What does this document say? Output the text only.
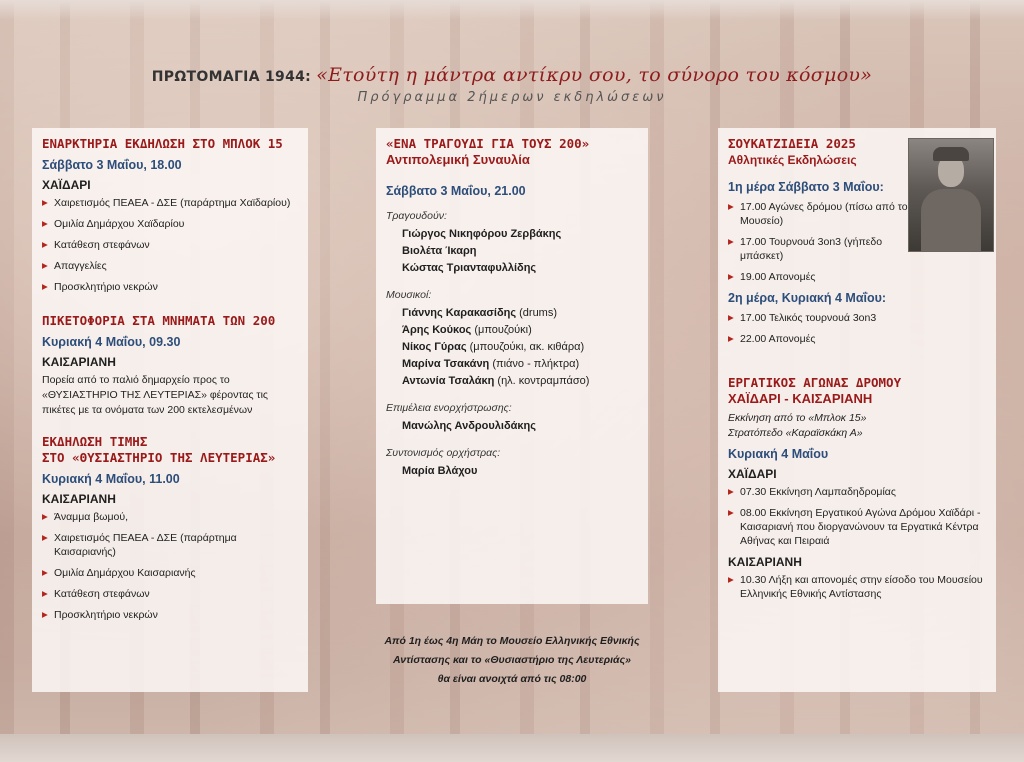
ΠΡΩΤΟΜΑΓΙΑ 1944: «Ετούτη η μάντρα αντίκρυ σου, το σύνορο του κόσμου»
Πρόγραμμα 2ήμερων εκδηλώσεων
ΕΝΑΡΚΤΗΡΙΑ ΕΚΔΗΛΩΣΗ ΣΤΟ ΜΠΛΟΚ 15
Σάββατο 3 Μαΐου, 18.00
ΧΑΪΔΑΡΙ
▶ Χαιρετισμός ΠΕΑΕΑ - ΔΣΕ (παράρτημα Χαϊδαρίου)
▶ Ομιλία Δημάρχου Χαϊδαρίου
▶ Κατάθεση στεφάνων
▶ Απαγγελίες
▶ Προσκλητήριο νεκρών
ΠΙΚΕΤΟΦΟΡΙΑ ΣΤΑ ΜΝΗΜΑΤΑ ΤΩΝ 200
Κυριακή 4 Μαΐου, 09.30
ΚΑΙΣΑΡΙΑΝΗ
Πορεία από το παλιό δημαρχείο προς το «ΘΥΣΙΑΣΤΗΡΙΟ ΤΗΣ ΛΕΥΤΕΡΙΑΣ» φέροντας τις πικέτες με τα ονόματα των 200 εκτελεσμένων
ΕΚΔΗΛΩΣΗ ΤΙΜΗΣ
ΣΤΟ «ΘΥΣΙΑΣΤΗΡΙΟ ΤΗΣ ΛΕΥΤΕΡΙΑΣ»
Κυριακή 4 Μαΐου, 11.00
ΚΑΙΣΑΡΙΑΝΗ
▶ Άναμμα βωμού,
▶ Χαιρετισμός ΠΕΑΕΑ - ΔΣΕ (παράρτημα Καισαριανής)
▶ Ομιλία Δημάρχου Καισαριανής
▶ Κατάθεση στεφάνων
▶ Προσκλητήριο νεκρών
«ΕΝΑ ΤΡΑΓΟΥΔΙ ΓΙΑ ΤΟΥΣ 200»
Αντιπολεμική Συναυλία
Σάββατο 3 Μαΐου, 21.00
Τραγουδούν:
Γιώργος Νικηφόρου Ζερβάκης
Βιολέτα Ίκαρη
Κώστας Τριανταφυλλίδης
Μουσικοί:
Γιάννης Καρακασίδης (drums)
Άρης Κούκος (μπουζούκι)
Νίκος Γύρας (μπουζούκι, ακ. κιθάρα)
Μαρίνα Τσακάνη (πιάνο - πλήκτρα)
Αντωνία Τσαλάκη (ηλ. κοντραμπάσο)
Επιμέλεια ενορχήστρωσης:
Μανώλης Ανδρουλιδάκης
Συντονισμός ορχήστρας:
Μαρία Βλάχου
Από 1η έως 4η Μάη το Μουσείο Ελληνικής Εθνικής
Αντίστασης και το «Θυσιαστήριο της Λευτεριάς»
θα είναι ανοιχτά από τις 08:00
ΣΟΥΚΑΤΖΙΔΕΙΑ 2025
Αθλητικές Εκδηλώσεις
1η μέρα Σάββατο 3 Μαΐου:
▶ 17.00 Αγώνες δρόμου (πίσω από το Μουσείο)
▶ 17.00 Τουρνουά 3on3 (γήπεδο μπάσκετ)
▶ 19.00 Απονομές
2η μέρα, Κυριακή 4 Μαΐου:
▶ 17.00 Τελικός τουρνουά 3on3
▶ 22.00 Απονομές
ΕΡΓΑΤΙΚΟΣ ΑΓΩΝΑΣ ΔΡΟΜΟΥ
ΧΑΪΔΑΡΙ - ΚΑΙΣΑΡΙΑΝΗ
Εκκίνηση από το «Μπλοκ 15»
Στρατόπεδο «Καραϊσκάκη Α»
Κυριακή 4 Μαΐου
ΧΑΪΔΑΡΙ
▶ 07.30 Εκκίνηση Λαμπαδηδρομίας
▶ 08.00 Εκκίνηση Εργατικού Αγώνα Δρόμου Χαϊδάρι - Καισαριανή που διοργανώνουν τα Εργατικά Κέντρα Αθήνας και Πειραιά
ΚΑΙΣΑΡΙΑΝΗ
▶ 10.30 Λήξη και απονομές στην είσοδο του Μουσείου Ελληνικής Εθνικής Αντίστασης
